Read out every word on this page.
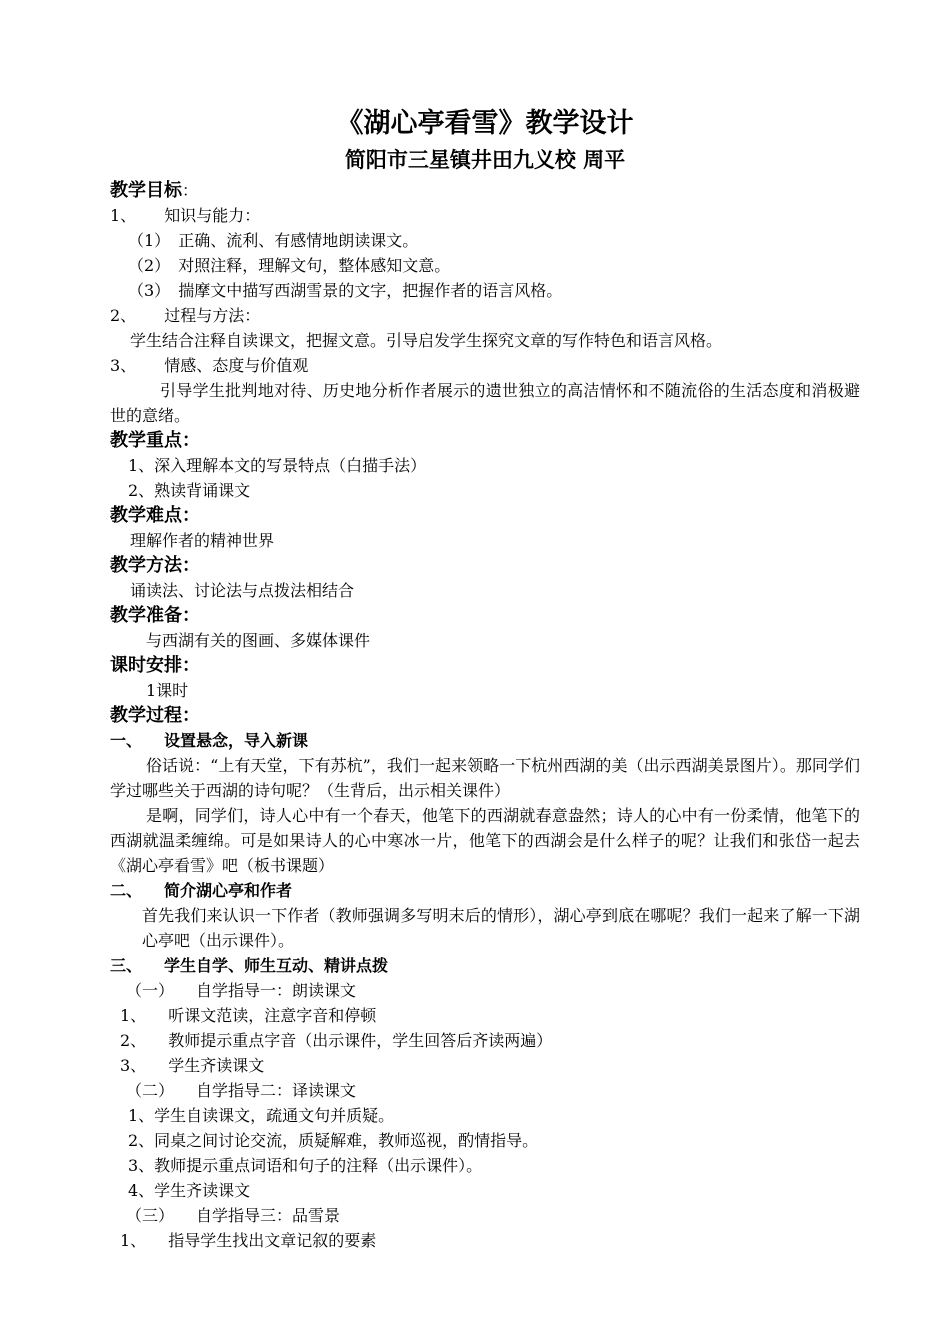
《湖心亭看雪》教学设计

简阳市三星镇井田九义校 周平

教学目标：

1、 知识与能力：

（1） 正确、流利、有感情地朗读课文。

（2） 对照注释，理解文句，整体感知文意。

（3） 揣摩文中描写西湖雪景的文字，把握作者的语言风格。

2、 过程与方法：

学生结合注释自读课文，把握文意。引导启发学生探究文章的写作特色和语言风格。

3、 情感、态度与价值观

引导学生批判地对待、历史地分析作者展示的遗世独立的高洁情怀和不随流俗的生活态度和消极避世的意绪。

教学重点：

1、深入理解本文的写景特点（白描手法）

2、熟读背诵课文

教学难点：

理解作者的精神世界

教学方法：

诵读法、讨论法与点拨法相结合

教学准备：

与西湖有关的图画、多媒体课件

课时安排：

1课时

教学过程：

一、 设置悬念，导入新课

俗话说：“上有天堂，下有苏杭”，我们一起来领略一下杭州西湖的美（出示西湖美景图片）。那同学们学过哪些关于西湖的诗句呢？（生背后，出示相关课件）

是啊，同学们，诗人心中有一个春天，他笔下的西湖就春意盎然；诗人的心中有一份柔情，他笔下的西湖就温柔缠绵。可是如果诗人的心中寒冰一片，他笔下的西湖会是什么样子的呢？让我们和张岱一起去《湖心亭看雪》吧（板书课题）

二、 简介湖心亭和作者

首先我们来认识一下作者（教师强调多写明末后的情形），湖心亭到底在哪呢？我们一起来了解一下湖心亭吧（出示课件）。

三、 学生自学、师生互动、精讲点拨

（一） 自学指导一：朗读课文

1、 听课文范读，注意字音和停顿

2、 教师提示重点字音（出示课件，学生回答后齐读两遍）

3、 学生齐读课文

（二） 自学指导二：译读课文

1、学生自读课文，疏通文句并质疑。

2、同桌之间讨论交流，质疑解难，教师巡视，酌情指导。

3、教师提示重点词语和句子的注释（出示课件）。

4、学生齐读课文

（三） 自学指导三：品雪景

1、 指导学生找出文章记叙的要素
